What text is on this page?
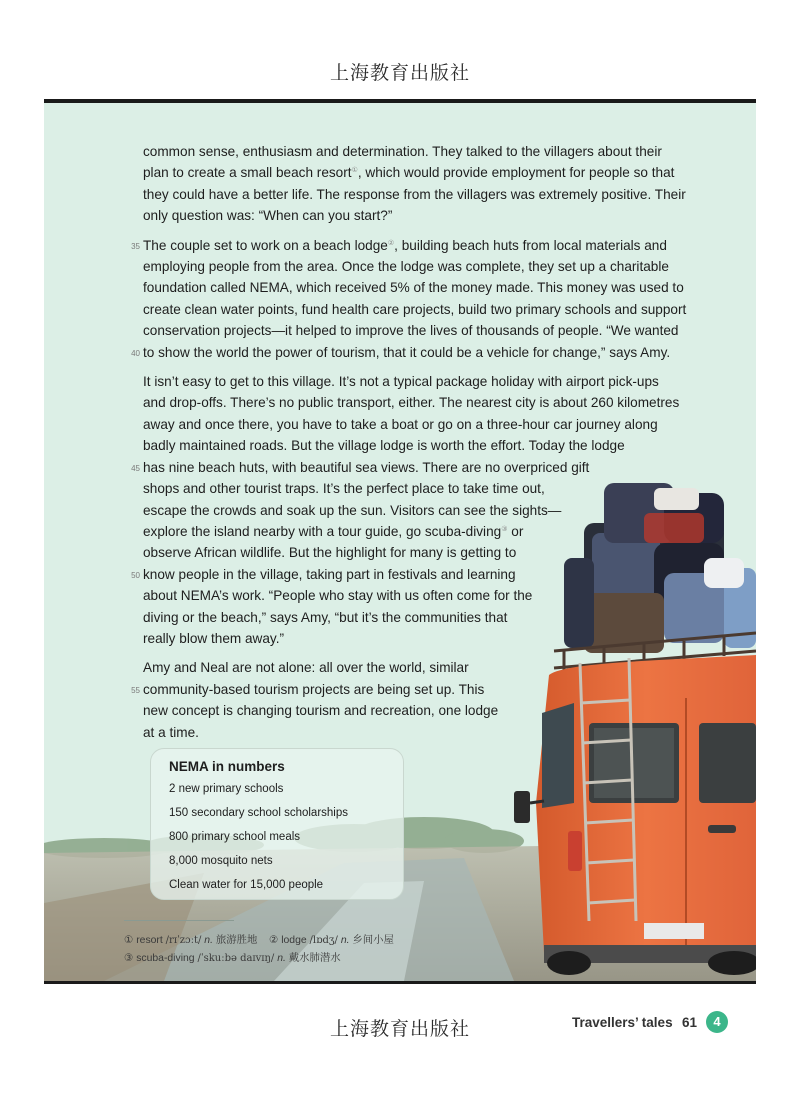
上海教育出版社
common sense, enthusiasm and determination. They talked to the villagers about their
plan to create a small beach resort①, which would provide employment for people so that
they could have a better life. The response from the villagers was extremely positive. Their
only question was: “When can you start?”
35 The couple set to work on a beach lodge②, building beach huts from local materials and
employing people from the area. Once the lodge was complete, they set up a charitable
foundation called NEMA, which received 5% of the money made. This money was used to
create clean water points, fund health care projects, build two primary schools and support
conservation projects—it helped to improve the lives of thousands of people. “We wanted
40 to show the world the power of tourism, that it could be a vehicle for change,” says Amy.
It isn’t easy to get to this village. It’s not a typical package holiday with airport pick-ups
and drop-offs. There’s no public transport, either. The nearest city is about 260 kilometres
away and once there, you have to take a boat or go on a three-hour car journey along
badly maintained roads. But the village lodge is worth the effort. Today the lodge
45 has nine beach huts, with beautiful sea views. There are no overpriced gift
shops and other tourist traps. It’s the perfect place to take time out,
escape the crowds and soak up the sun. Visitors can see the sights—
explore the island nearby with a tour guide, go scuba-diving③ or
observe African wildlife. But the highlight for many is getting to
50 know people in the village, taking part in festivals and learning
about NEMA’s work. “People who stay with us often come for the
diving or the beach,” says Amy, “but it’s the communities that
really blow them away.”
Amy and Neal are not alone: all over the world, similar
55 community-based tourism projects are being set up. This
new concept is changing tourism and recreation, one lodge
at a time.
NEMA in numbers
2 new primary schools
150 secondary school scholarships
800 primary school meals
8,000 mosquito nets
Clean water for 15,000 people
① resort /rɪˈzɔːt/ n. 旅游胜地 ② lodge /lɒdʒ/ n. 乡间小屋
③ scuba-diving /ˈskuːbə daɪvɪŋ/ n. 戴水肺潜水
上海教育出版社	Travellers’ tales 61	4
